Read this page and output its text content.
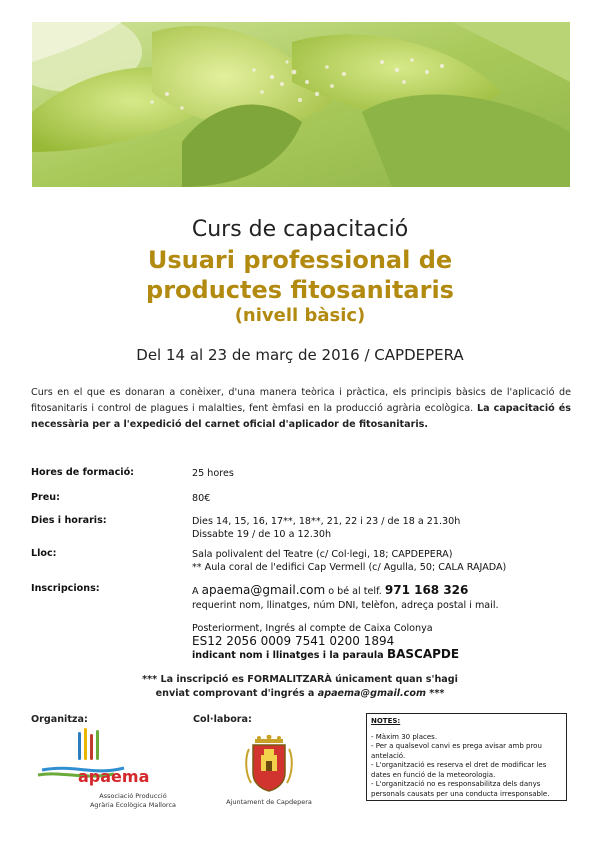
Curs de capacitació
Usuari professional de
productes fitosanitaris
(nivell bàsic)
Del 14 al 23 de març de 2016 / CAPDEPERA
Curs en el que es donaran a conèixer, d'una manera teòrica i pràctica, els principis bàsics de l'aplicació de fitosanitaris i control de plagues i malalties, fent èmfasi en la producció agrària ecològica. La capacitació és necessària per a l'expedició del carnet oficial d'aplicador de fitosanitaris.
Hores de formació:	25 hores
Preu:	80€
Dies i horaris:	Dies 14, 15, 16, 17**, 18**, 21, 22 i 23 / de 18 a 21.30h
Dissabte 19 / de 10 a 12.30h
Lloc:	Sala polivalent del Teatre (c/ Col·legi, 18; CAPDEPERA)
** Aula coral de l'edifici Cap Vermell (c/ Agulla, 50; CALA RAJADA)
Inscripcions:	A apaema@gmail.com o bé al telf. 971 168 326
requerint nom, llinatges, núm DNI, telèfon, adreça postal i mail.
Posteriorment, Ingrés al compte de Caixa Colonya
ES12 2056 0009 7541 0200 1894
indicant nom i llinatges i la paraula BASCAPDE
*** La inscripció es FORMALITZARÀ únicament quan s'hagi
enviat comprovant d'ingrés a apaema@gmail.com ***
Organitza:	Col·labora:
apaema
Associació Producció
Agrària Ecològica Mallorca	Ajuntament de Capdepera
NOTES:
- Màxim 30 places.
- Per a qualsevol canvi es prega avisar amb prou antelació.
- L'organització es reserva el dret de modificar les dates en funció de la meteorologia.
- L'organització no es responsabilitza dels danys personals causats per una conducta irresponsable.
